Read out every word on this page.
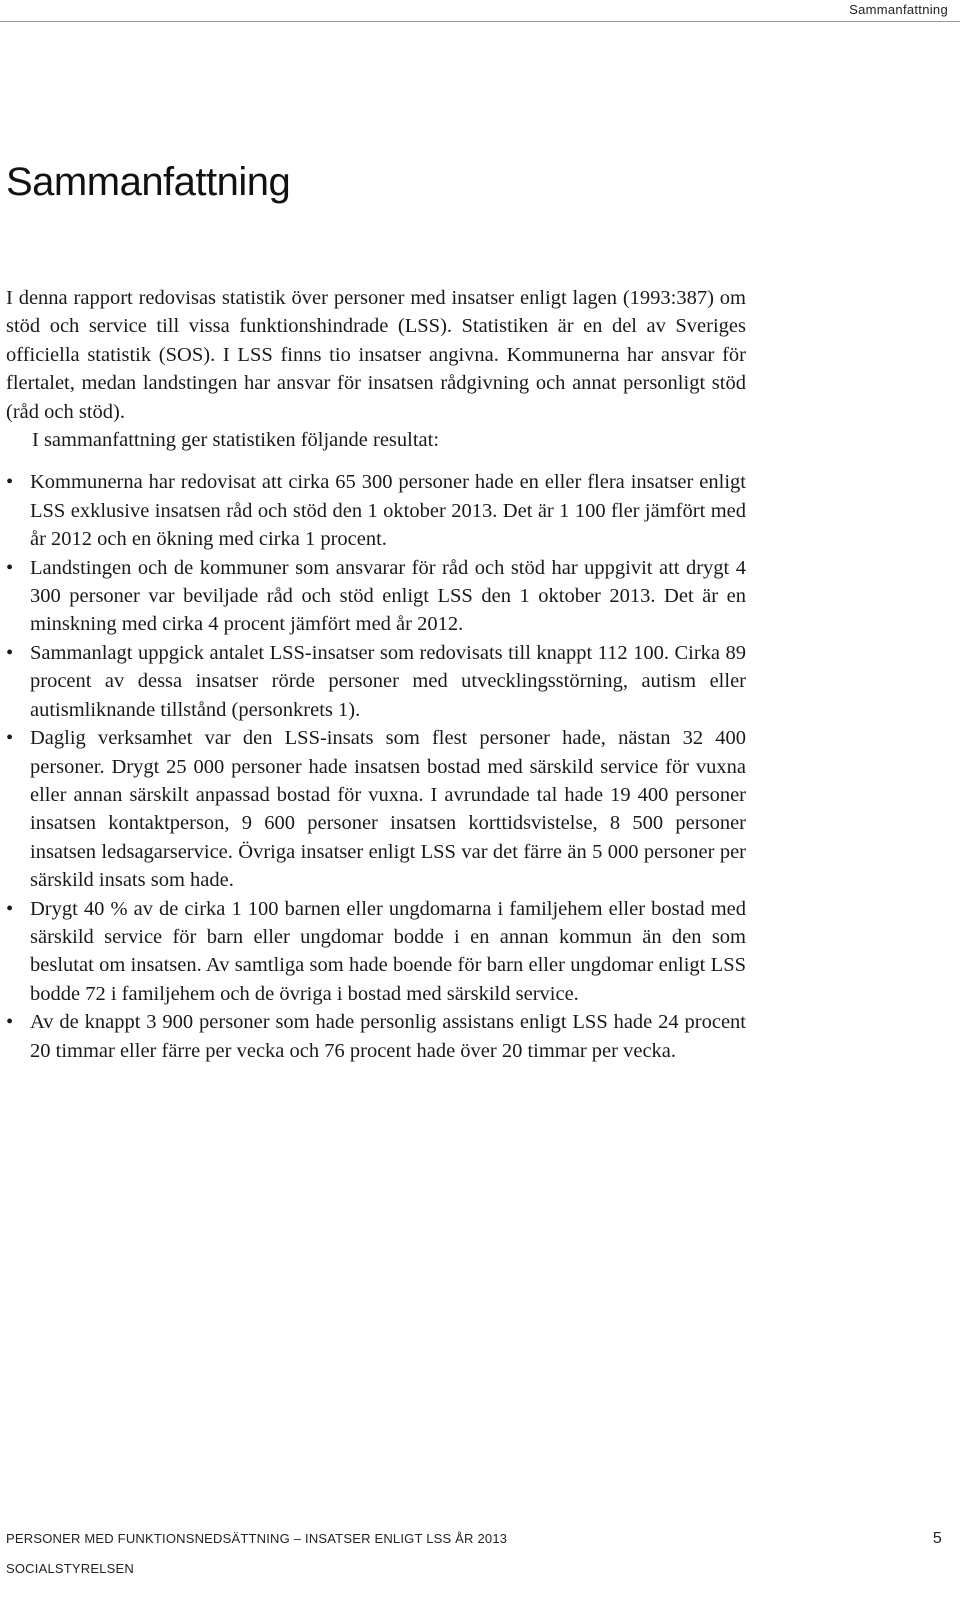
Sammanfattning
Sammanfattning

I denna rapport redovisas statistik över personer med insatser enligt lagen (1993:387) om stöd och service till vissa funktionshindrade (LSS). Statistiken är en del av Sveriges officiella statistik (SOS). I LSS finns tio insatser angivna. Kommunerna har ansvar för flertalet, medan landstingen har ansvar för insatsen rådgivning och annat personligt stöd (råd och stöd).

I sammanfattning ger statistiken följande resultat:

• Kommunerna har redovisat att cirka 65 300 personer hade en eller flera insatser enligt LSS exklusive insatsen råd och stöd den 1 oktober 2013. Det är 1 100 fler jämfört med år 2012 och en ökning med cirka 1 procent.
• Landstingen och de kommuner som ansvarar för råd och stöd har uppgivit att drygt 4 300 personer var beviljade råd och stöd enligt LSS den 1 oktober 2013. Det är en minskning med cirka 4 procent jämfört med år 2012.
• Sammanlagt uppgick antalet LSS-insatser som redovisats till knappt 112 100. Cirka 89 procent av dessa insatser rörde personer med utvecklingsstörning, autism eller autismliknande tillstånd (personkrets 1).
• Daglig verksamhet var den LSS-insats som flest personer hade, nästan 32 400 personer. Drygt 25 000 personer hade insatsen bostad med särskild service för vuxna eller annan särskilt anpassad bostad för vuxna. I avrundade tal hade 19 400 personer insatsen kontaktperson, 9 600 personer insatsen korttidsvistelse, 8 500 personer insatsen ledsagarservice. Övriga insatser enligt LSS var det färre än 5 000 personer per särskild insats som hade.
• Drygt 40 % av de cirka 1 100 barnen eller ungdomarna i familjehem eller bostad med särskild service för barn eller ungdomar bodde i en annan kommun än den som beslutat om insatsen. Av samtliga som hade boende för barn eller ungdomar enligt LSS bodde 72 i familjehem och de övriga i bostad med särskild service.
• Av de knappt 3 900 personer som hade personlig assistans enligt LSS hade 24 procent 20 timmar eller färre per vecka och 76 procent hade över 20 timmar per vecka.
PERSONER MED FUNKTIONSNEDSÄTTNING – INSATSER ENLIGT LSS ÅR 2013
SOCIALSTYRELSEN
5
